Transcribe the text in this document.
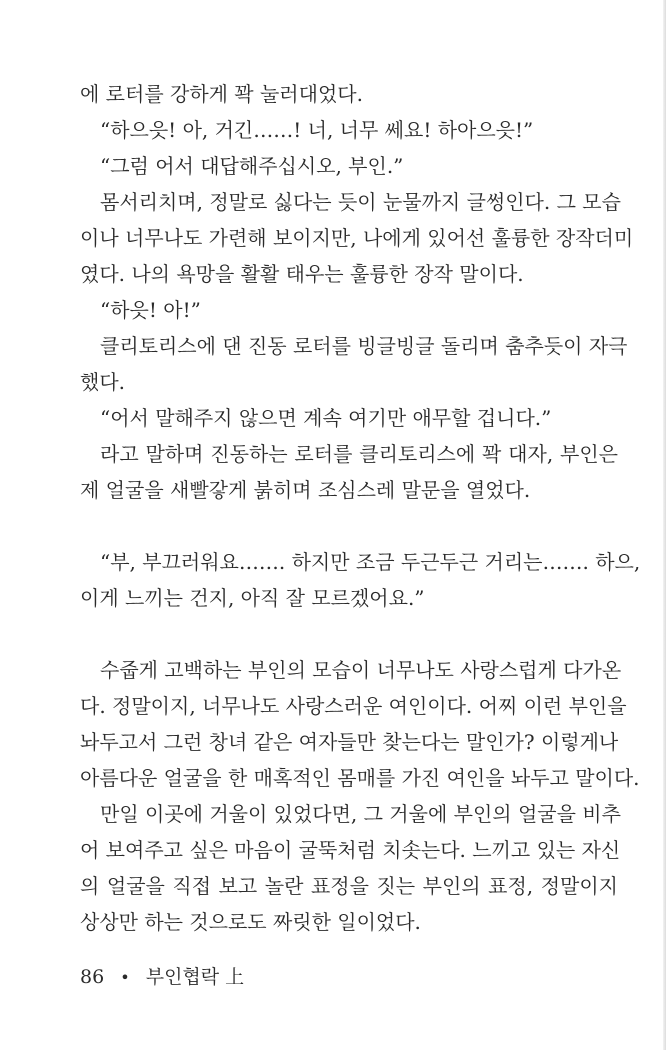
에 로터를 강하게 꽉 눌러대었다.
“하으읏! 아, 거긴……! 너, 너무 쎄요! 하아으읏!”
“그럼 어서 대답해주십시오, 부인.”
몸서리치며, 정말로 싫다는 듯이 눈물까지 글썽인다. 그 모습
이나 너무나도 가련해 보이지만, 나에게 있어선 훌륭한 장작더미
였다. 나의 욕망을 활활 태우는 훌륭한 장작 말이다.
“하읏! 아!”
클리토리스에 댄 진동 로터를 빙글빙글 돌리며 춤추듯이 자극
했다.
“어서 말해주지 않으면 계속 여기만 애무할 겁니다.”
라고 말하며 진동하는 로터를 클리토리스에 꽉 대자, 부인은
제 얼굴을 새빨갛게 붉히며 조심스레 말문을 열었다.
“부, 부끄러워요……. 하지만 조금 두근두근 거리는……. 하으,
이게 느끼는 건지, 아직 잘 모르겠어요.”
수줍게 고백하는 부인의 모습이 너무나도 사랑스럽게 다가온
다. 정말이지, 너무나도 사랑스러운 여인이다. 어찌 이런 부인을
놔두고서 그런 창녀 같은 여자들만 찾는다는 말인가? 이렇게나
아름다운 얼굴을 한 매혹적인 몸매를 가진 여인을 놔두고 말이다.
만일 이곳에 거울이 있었다면, 그 거울에 부인의 얼굴을 비추
어 보여주고 싶은 마음이 굴뚝처럼 치솟는다. 느끼고 있는 자신
의 얼굴을 직접 보고 놀란 표정을 짓는 부인의 표정, 정말이지
상상만 하는 것으로도 짜릿한 일이었다.
86 • 부인협락 上
